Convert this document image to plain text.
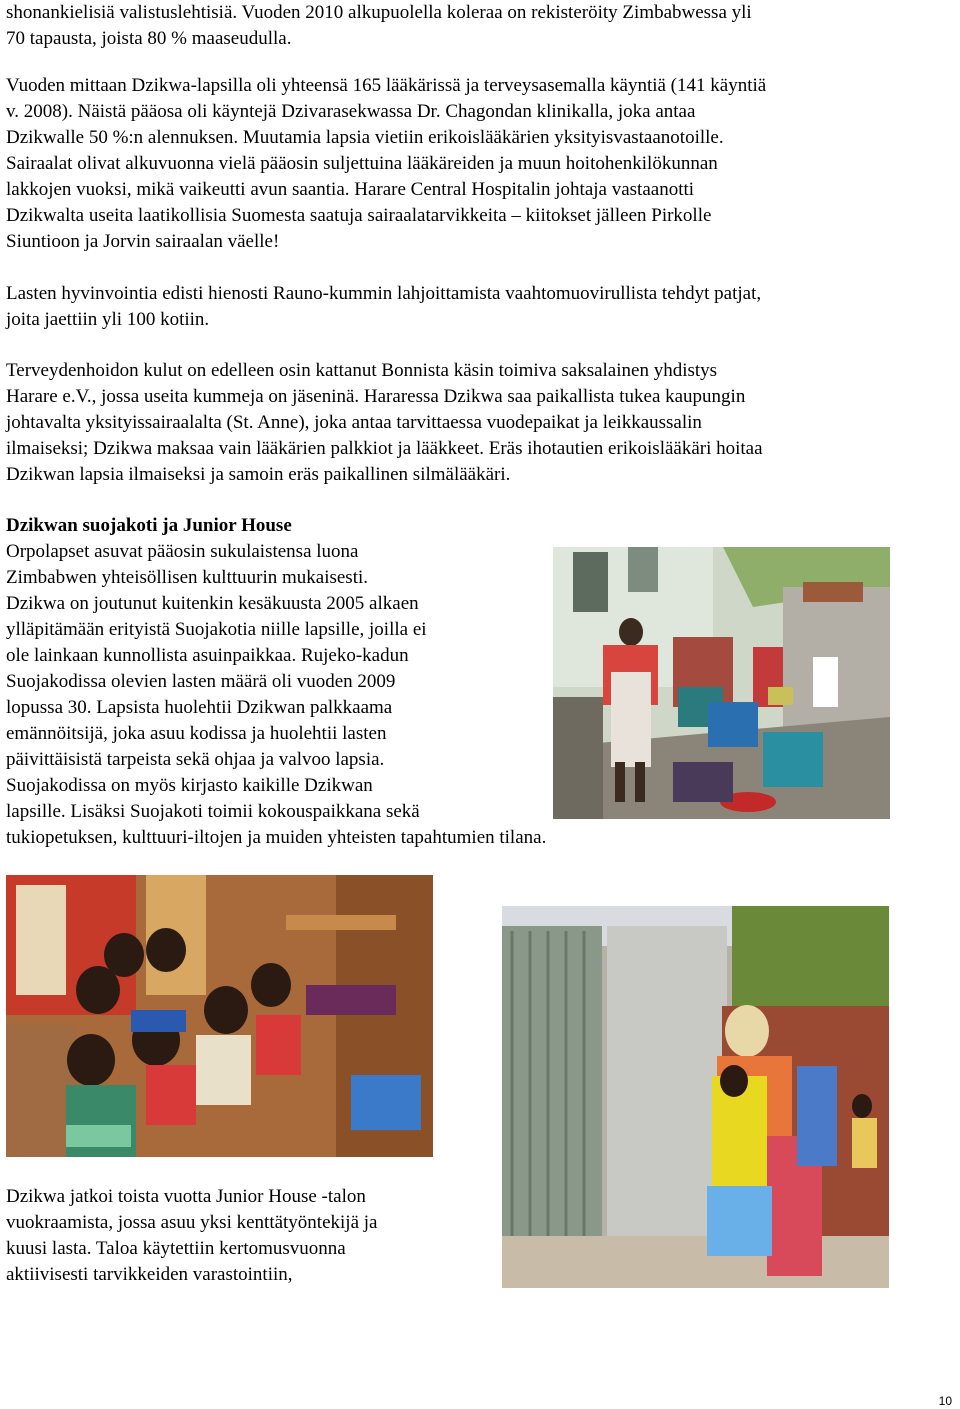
shonankielisiä valistuslehtisiä. Vuoden 2010 alkupuolella koleraa on rekisteröity Zimbabwessa yli
70 tapausta, joista 80 % maaseudulla.

Vuoden mittaan Dzikwa-lapsilla oli yhteensä 165 lääkärissä ja terveysasemalla käyntiä (141 käyntiä
v. 2008). Näistä pääosa oli käyntejä Dzivarasekwassa Dr. Chagondan klinikalla, joka antaa
Dzikwalle 50 %:n alennuksen. Muutamia lapsia vietiin erikoislääkärien yksityisvastaanotoille.
Sairaalat olivat alkuvuonna vielä pääosin suljettuina lääkäreiden ja muun hoitohenkilökunnan
lakkojen vuoksi, mikä vaikeutti avun saantia. Harare Central Hospitalin johtaja vastaanotti
Dzikwalta useita laatikollisia Suomesta saatuja sairaalatarvikkeita – kiitokset jälleen Pirkolle
Siuntioon ja Jorvin sairaalan väelle!

Lasten hyvinvointia edisti hienosti Rauno-kummin lahjoittamista vaahtomuovirullista tehdyt patjat,
joita jaettiin yli 100 kotiin.

Terveydenhoidon kulut on edelleen osin kattanut Bonnista käsin toimiva saksalainen yhdistys
Harare e.V., jossa useita kummeja on jäseninä. Hararessa Dzikwa saa paikallista tukea kaupungin
johtavalta yksityissairaalalta (St. Anne), joka antaa tarvittaessa vuodepaikat ja leikkaussalin
ilmaiseksi; Dzikwa maksaa vain lääkärien palkkiot ja lääkkeet. Eräs ihotautien erikoislääkäri hoitaa
Dzikwan lapsia ilmaiseksi ja samoin eräs paikallinen silmälääkäri.

Dzikwan suojakoti ja Junior House

Orpolapset asuvat pääosin sukulaistensa luona
Zimbabwen yhteisöllisen kulttuurin mukaisesti.
Dzikwa on joutunut kuitenkin kesäkuusta 2005 alkaen
ylläpitämään erityistä Suojakotia niille lapsille, joilla ei
ole lainkaan kunnollista asuinpaikkaa. Rujeko-kadun
Suojakodissa olevien lasten määrä oli vuoden 2009
lopussa 30. Lapsista huolehtii Dzikwan palkkaama
emännöitsijä, joka asuu kodissa ja huolehtii lasten
päivittäisistä tarpeista sekä ohjaa ja valvoo lapsia.
Suojakodissa on myös kirjasto kaikille Dzikwan
lapsille. Lisäksi Suojakoti toimii kokouspaikkana sekä
tukiopetuksen, kulttuuri-iltojen ja muiden yhteisten tapahtumien tilana.

Dzikwa jatkoi toista vuotta Junior House -talon
vuokraamista, jossa asuu yksi kenttätyöntekijä ja
kuusi lasta. Taloa käytettiin kertomusvuonna
aktiivisesti tarvikkeiden varastointiin,

10
